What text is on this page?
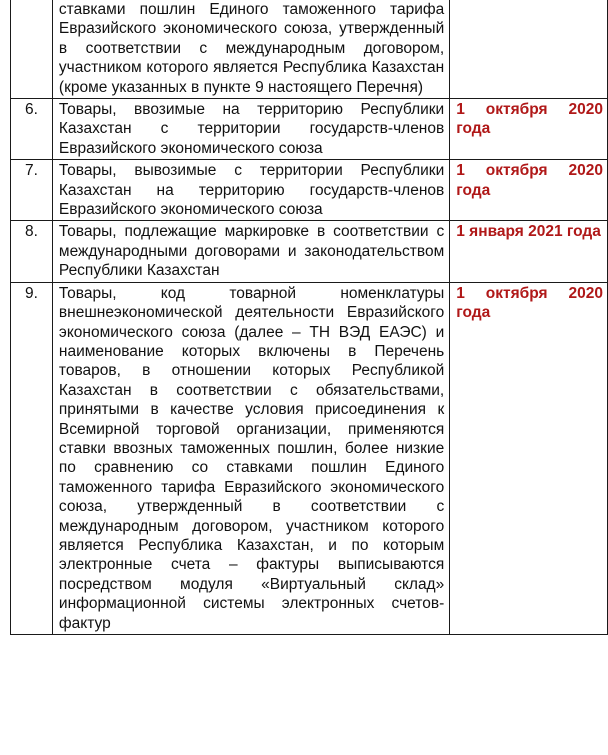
	ставками пошлин Единого таможенного тарифа Евразийского экономического союза, утвержденный в соответствии с международным договором, участником которого является Республика Казахстан (кроме указанных в пункте 9 настоящего Перечня)	
6.	Товары, ввозимые на территорию Республики Казахстан с территории государств-членов Евразийского экономического союза	1 октября 2020 года
7.	Товары, вывозимые с территории Республики Казахстан на территорию государств-членов Евразийского экономического союза	1 октября 2020 года
8.	Товары, подлежащие маркировке в соответствии с международными договорами и законодательством Республики Казахстан	1 января 2021 года
9.	Товары, код товарной номенклатуры внешнеэкономической деятельности Евразийского экономического союза (далее – ТН ВЭД ЕАЭС) и наименование которых включены в Перечень товаров, в отношении которых Республикой Казахстан в соответствии с обязательствами, принятыми в качестве условия присоединения к Всемирной торговой организации, применяются ставки ввозных таможенных пошлин, более низкие по сравнению со ставками пошлин Единого таможенного тарифа Евразийского экономического союза, утвержденный в соответствии с международным договором, участником которого является Республика Казахстан, и по которым электронные счета – фактуры выписываются посредством модуля «Виртуальный склад» информационной системы электронных счетов-фактур	1 октября 2020 года
